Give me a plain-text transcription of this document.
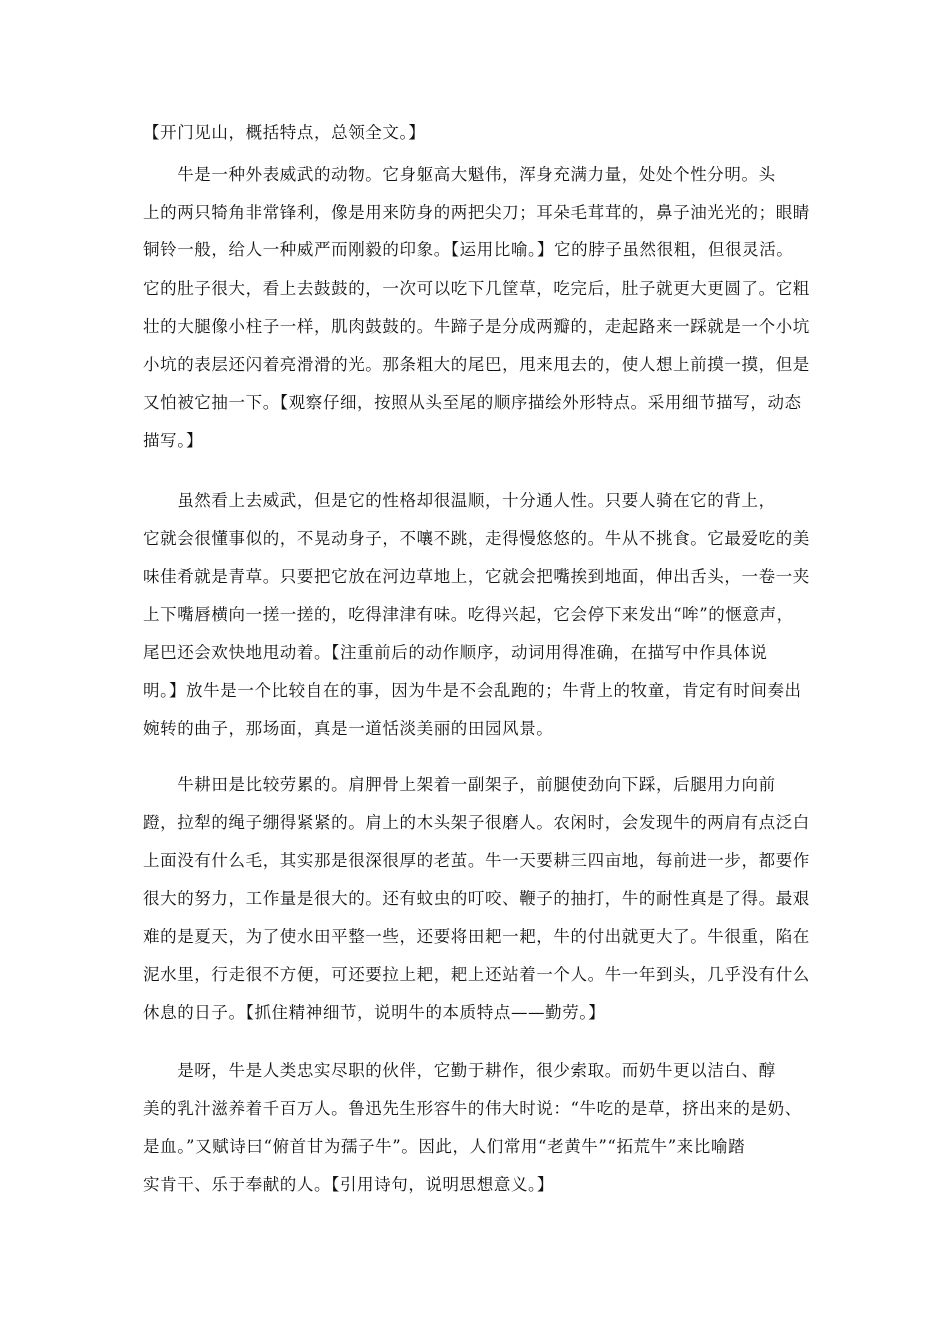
【开门见山，概括特点，总领全文。】
　　牛是一种外表威武的动物。它身躯高大魁伟，浑身充满力量，处处个性分明。头
上的两只犄角非常锋利，像是用来防身的两把尖刀；耳朵毛茸茸的，鼻子油光光的；眼睛
铜铃一般，给人一种威严而刚毅的印象。【运用比喻。】它的脖子虽然很粗，但很灵活。
它的肚子很大，看上去鼓鼓的，一次可以吃下几筐草，吃完后，肚子就更大更圆了。它粗
壮的大腿像小柱子一样，肌肉鼓鼓的。牛蹄子是分成两瓣的，走起路来一踩就是一个小坑
小坑的表层还闪着亮滑滑的光。那条粗大的尾巴，甩来甩去的，使人想上前摸一摸，但是
又怕被它抽一下。【观察仔细，按照从头至尾的顺序描绘外形特点。采用细节描写，动态
描写。】
　　虽然看上去威武，但是它的性格却很温顺，十分通人性。只要人骑在它的背上，
它就会很懂事似的，不晃动身子，不嚷不跳，走得慢悠悠的。牛从不挑食。它最爱吃的美
味佳肴就是青草。只要把它放在河边草地上，它就会把嘴挨到地面，伸出舌头，一卷一夹
上下嘴唇横向一搓一搓的，吃得津津有味。吃得兴起，它会停下来发出“哞”的惬意声，
尾巴还会欢快地甩动着。【注重前后的动作顺序，动词用得准确，在描写中作具体说
明。】放牛是一个比较自在的事，因为牛是不会乱跑的；牛背上的牧童，肯定有时间奏出
婉转的曲子，那场面，真是一道恬淡美丽的田园风景。
　　牛耕田是比较劳累的。肩胛骨上架着一副架子，前腿使劲向下踩，后腿用力向前
蹬，拉犁的绳子绷得紧紧的。肩上的木头架子很磨人。农闲时，会发现牛的两肩有点泛白
上面没有什么毛，其实那是很深很厚的老茧。牛一天要耕三四亩地，每前进一步，都要作
很大的努力，工作量是很大的。还有蚊虫的叮咬、鞭子的抽打，牛的耐性真是了得。最艰
难的是夏天，为了使水田平整一些，还要将田耙一耙，牛的付出就更大了。牛很重，陷在
泥水里，行走很不方便，可还要拉上耙，耙上还站着一个人。牛一年到头，几乎没有什么
休息的日子。【抓住精神细节，说明牛的本质特点——勤劳。】
　　是呀，牛是人类忠实尽职的伙伴，它勤于耕作，很少索取。而奶牛更以洁白、醇
美的乳汁滋养着千百万人。鲁迅先生形容牛的伟大时说：“牛吃的是草，挤出来的是奶、
是血。”又赋诗曰“俯首甘为孺子牛”。因此，人们常用“老黄牛”“拓荒牛”来比喻踏
实肯干、乐于奉献的人。【引用诗句，说明思想意义。】
